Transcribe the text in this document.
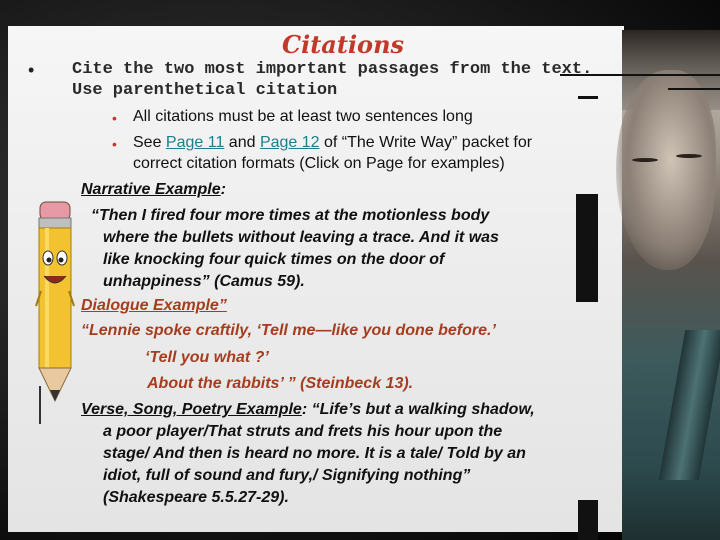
Citations
• Cite the two most important passages from the text.
Use parenthetical citation
• All citations must be at least two sentences long
• See Page 11 and Page 12 of “The Write Way” packet for
correct citation formats (Click on Page for examples)
Narrative Example:
“Then I fired four more times at the motionless body
where the bullets without leaving a trace. And it was
like knocking four quick times on the door of
unhappiness” (Camus 59).
Dialogue Example”
“Lennie spoke craftily, ‘Tell me—like you done before.’
‘Tell you what ?’
About the rabbits’ ” (Steinbeck 13).
Verse, Song, Poetry Example: “Life’s but a walking shadow,
a poor player/That struts and frets his hour upon the
stage/ And then is heard no more. It is a tale/ Told by an
idiot, full of sound and fury,/ Signifying nothing”
(Shakespeare 5.5.27-29).
